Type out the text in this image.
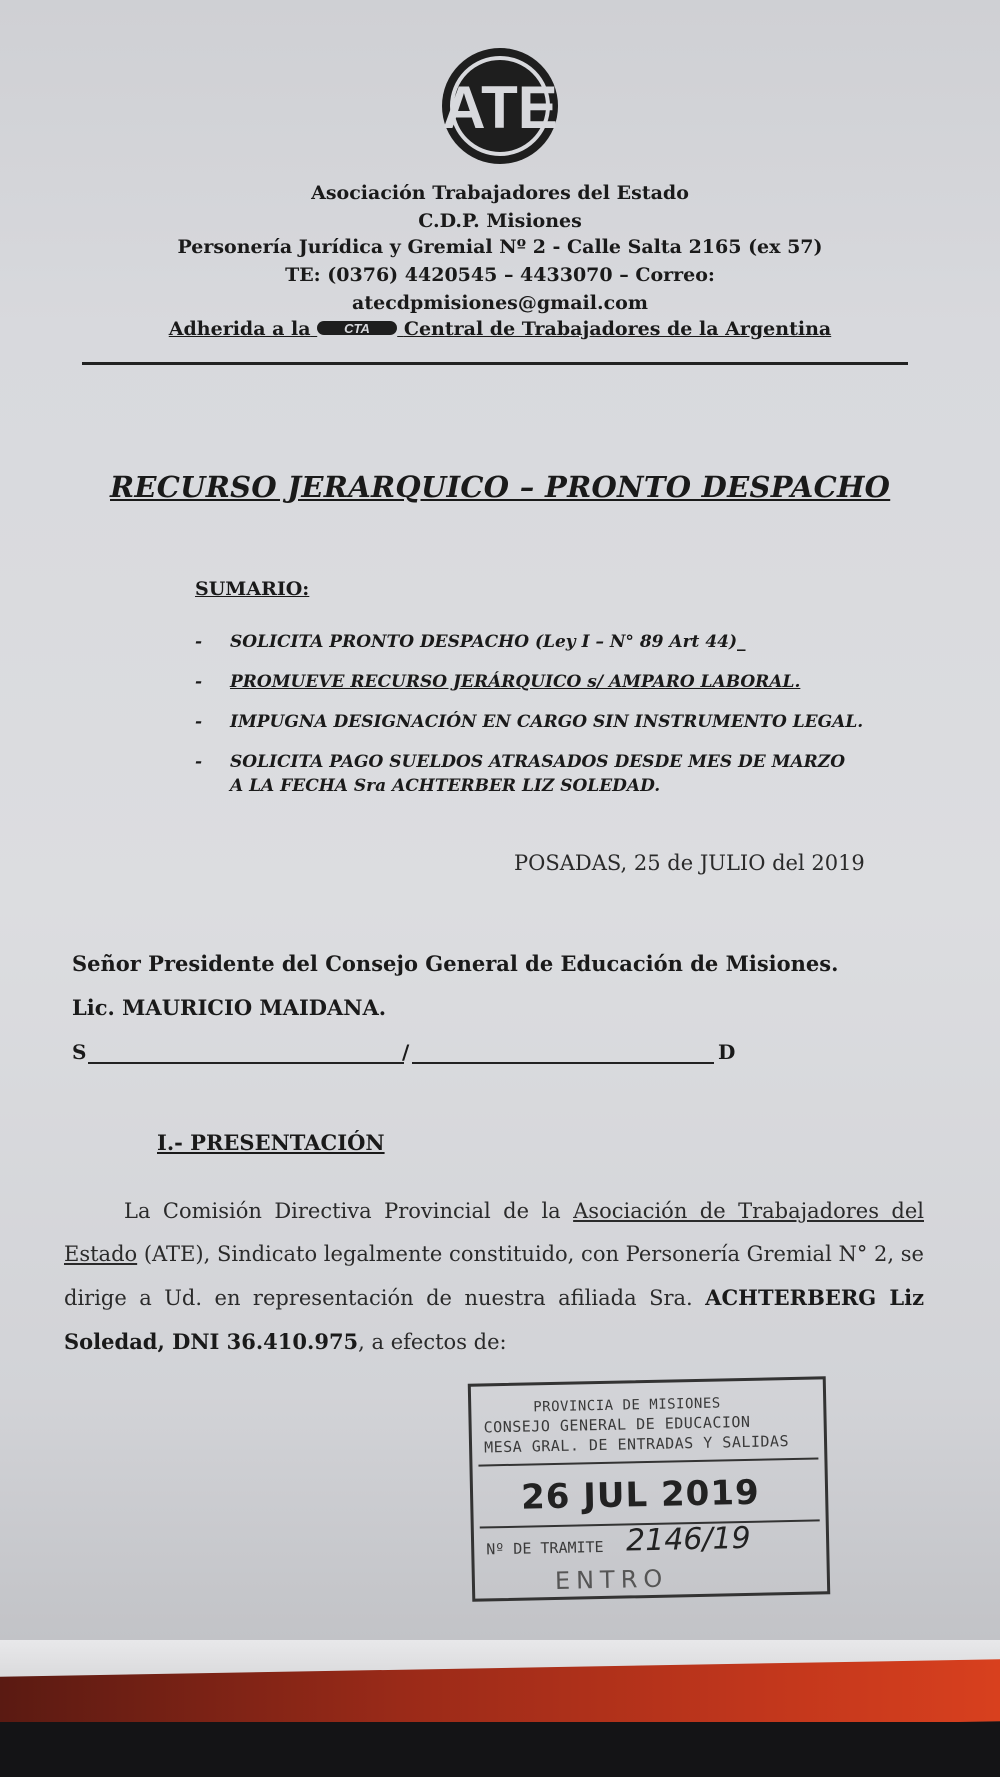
ATE
Asociación Trabajadores del Estado
C.D.P. Misiones
Personería Jurídica y Gremial Nº 2 - Calle Salta 2165 (ex 57)
TE: (0376) 4420545 – 4433070 – Correo:
atecdpmisiones@gmail.com
Adherida a la	CTA Central de Trabajadores de la Argentina
RECURSO JERARQUICO – PRONTO DESPACHO
SUMARIO:
- SOLICITA PRONTO DESPACHO (Ley I – N° 89 Art 44)_
- PROMUEVE RECURSO JERÁRQUICO s/ AMPARO LABORAL.
- IMPUGNA DESIGNACIÓN EN CARGO SIN INSTRUMENTO LEGAL.
- SOLICITA PAGO SUELDOS ATRASADOS DESDE MES DE MARZO
A LA FECHA Sra ACHTERBER LIZ SOLEDAD.
POSADAS, 25 de JULIO del 2019
Señor Presidente del Consejo General de Educación de Misiones.
Lic. MAURICIO MAIDANA.
S	/	D
I.- PRESENTACIÓN
La Comisión Directiva Provincial de la Asociación de Trabajadores del Estado (ATE), Sindicato legalmente constituido, con Personería Gremial N° 2, se dirige a Ud. en representación de nuestra afiliada Sra. ACHTERBERG Liz Soledad, DNI 36.410.975, a efectos de:
PROVINCIA DE MISIONES
CONSEJO GENERAL DE EDUCACION
MESA GRAL. DE ENTRADAS Y SALIDAS
26 JUL 2019
Nº DE TRAMITE 2146/19
ENTRO
